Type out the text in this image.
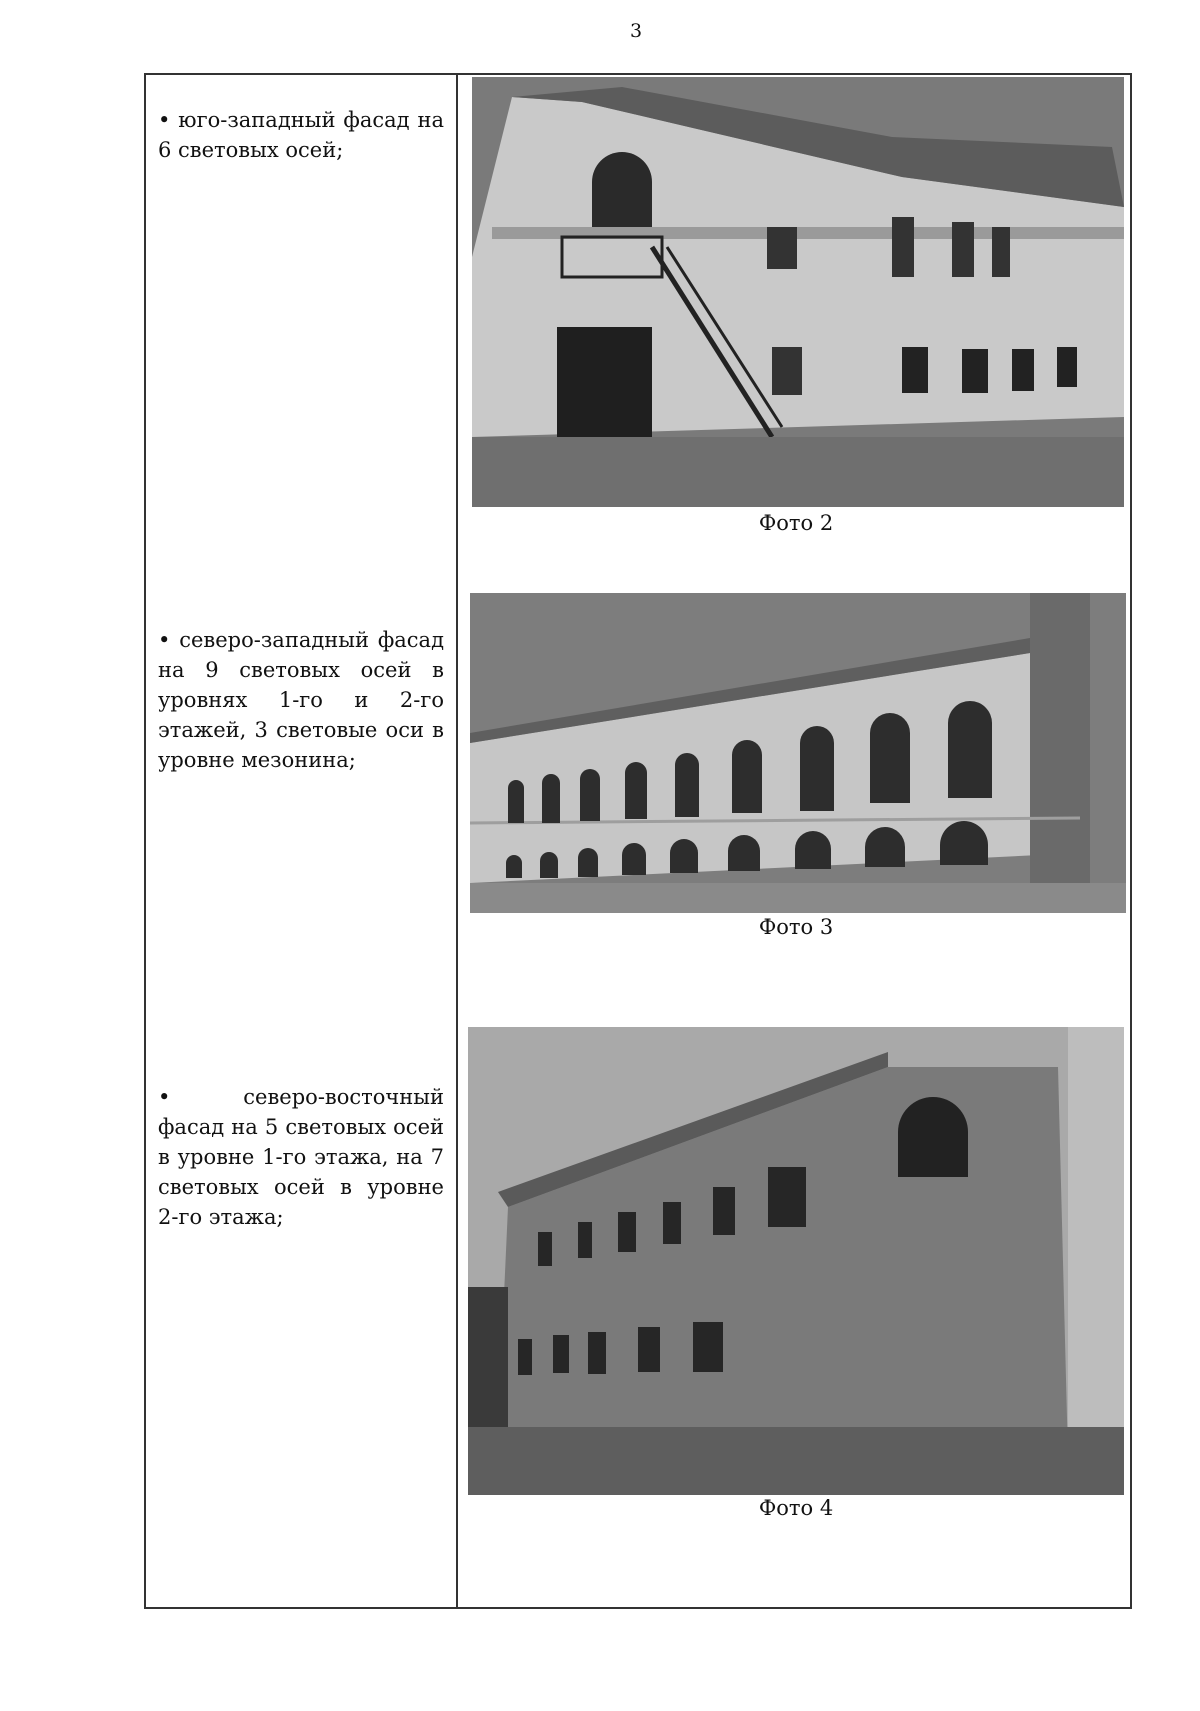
3
• юго-западный фасад на 6 световых осей;
Фото 2
• северо-западный фасад на 9 световых осей в уровнях 1-го и 2-го этажей, 3 световые оси в уровне мезонина;
Фото 3
• северо-восточный фасад на 5 световых осей в уровне 1-го этажа, на 7 световых осей в уровне 2-го этажа;
Фото 4
